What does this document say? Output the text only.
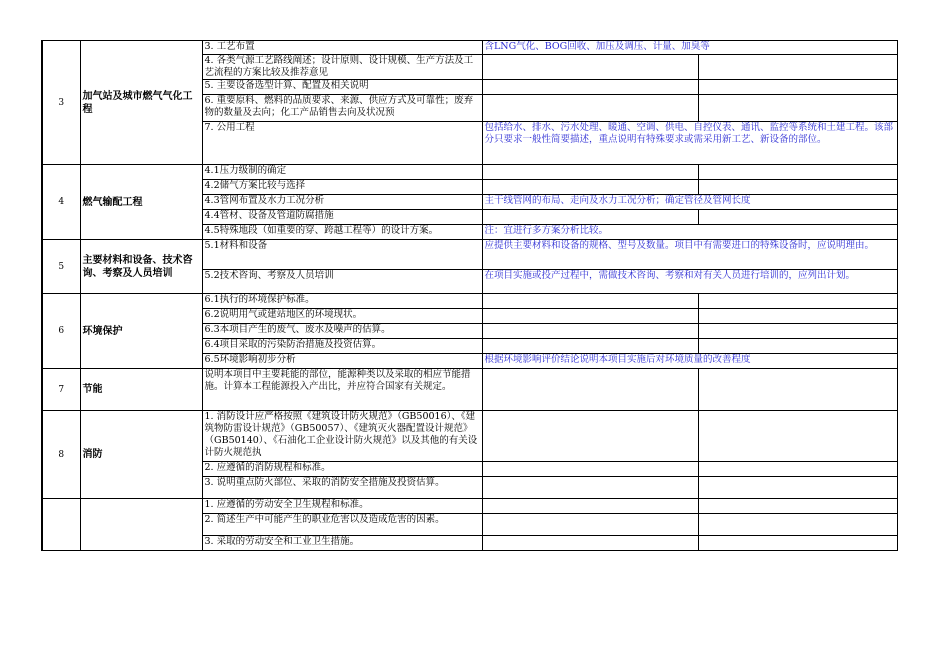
3	加气站及城市燃气气化工程	3. 工艺布置	含LNG气化、BOG回收、加压及调压、计量、加臭等	
		4. 各类气源工艺路线阐述；设计原则、设计规模、生产方法及工艺流程的方案比较及推荐意见		
		5. 主要设备选型计算、配置及相关说明		
		6. 重要原料、燃料的品质要求、来源、供应方式及可靠性；废弃物的数量及去向；化工产品销售去向及状况预		
		7. 公用工程	包括给水、排水、污水处理、暖通、空调、供电、自控仪表、通讯、监控等系统和土建工程。该部分只要求一般性简要描述，重点说明有特殊要求或需采用新工艺、新设备的部位。	
4	燃气输配工程	4.1压力级制的确定		
		4.2储气方案比较与选择		
		4.3管网布置及水力工况分析	主干线管网的布局、走向及水力工况分析；确定管径及管网长度	
		4.4管材、设备及管道防腐措施		
		4.5特殊地段（如重要的穿、跨越工程等）的设计方案。	注：宜进行多方案分析比较。	
5	主要材料和设备、技术咨询、考察及人员培训	5.1材料和设备	应提供主要材料和设备的规格、型号及数量。项目中有需要进口的特殊设备时，应说明理由。	
		5.2技术咨询、考察及人员培训	在项目实施或投产过程中，需做技术咨询、考察和对有关人员进行培训的，应列出计划。	
6	环境保护	6.1执行的环境保护标准。		
		6.2说明用气或建站地区的环境现状。		
		6.3本项目产生的废气、废水及噪声的估算。		
		6.4项目采取的污染防治措施及投资估算。		
		6.5环境影响初步分析	根据环境影响评价结论说明本项目实施后对环境质量的改善程度	
7	节能	说明本项目中主要耗能的部位，能源种类以及采取的相应节能措施。计算本工程能源投入产出比，并应符合国家有关规定。		
8	消防	1. 消防设计应严格按照《建筑设计防火规范》（GB50016）、《建筑物防雷设计规范》（GB50057）、《建筑灭火器配置设计规范》（GB50140）、《石油化工企业设计防火规范》以及其他的有关设计防火规范执		
		2. 应遵循的消防规程和标准。		
		3. 说明重点防火部位、采取的消防安全措施及投资估算。		
		1. 应遵循的劳动安全卫生规程和标准。		
		2. 简述生产中可能产生的职业危害以及造成危害的因素。		
		3. 采取的劳动安全和工业卫生措施。		
